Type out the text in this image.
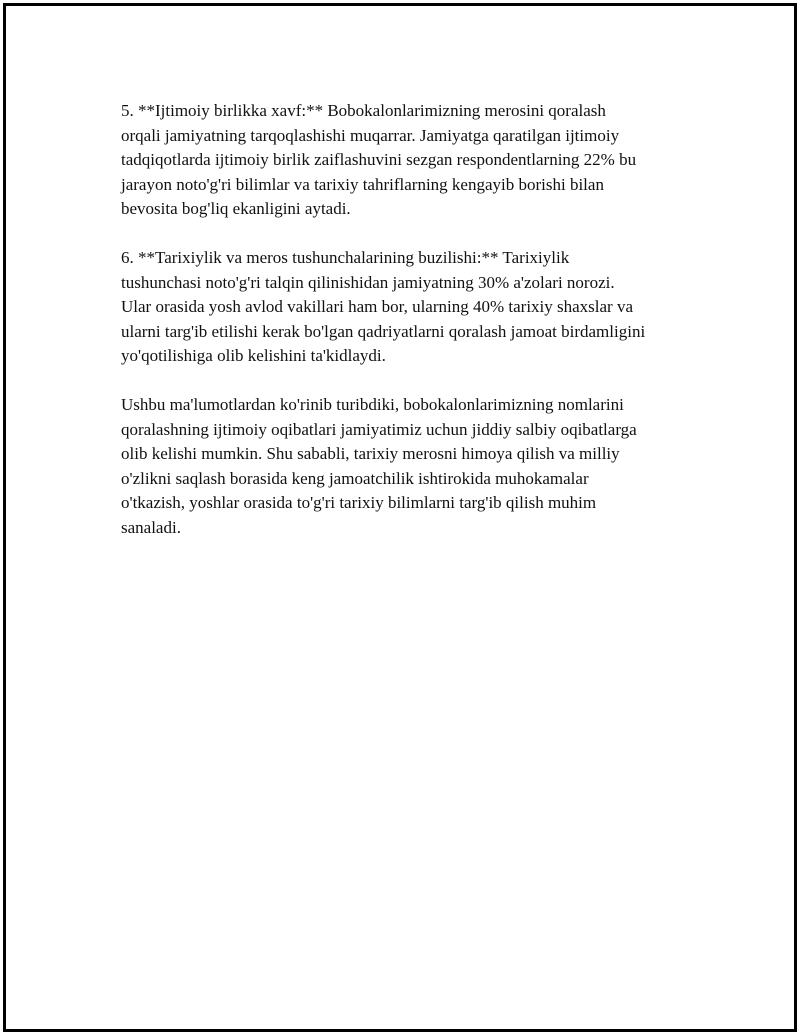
5. **Ijtimoiy birlikka xavf:** Bobokalonlarimizning merosini qoralash
orqali jamiyatning tarqoqlashishi muqarrar. Jamiyatga qaratilgan ijtimoiy
tadqiqotlarda ijtimoiy birlik zaiflashuvini sezgan respondentlarning 22% bu
jarayon noto'g'ri bilimlar va tarixiy tahriflarning kengayib borishi bilan
bevosita bog'liq ekanligini aytadi.

6. **Tarixiylik va meros tushunchalarining buzilishi:** Tarixiylik
tushunchasi noto'g'ri talqin qilinishidan jamiyatning 30% a'zolari norozi.
Ular orasida yosh avlod vakillari ham bor, ularning 40% tarixiy shaxslar va
ularni targ'ib etilishi kerak bo'lgan qadriyatlarni qoralash jamoat birdamligini
yo'qotilishiga olib kelishini ta'kidlaydi.

Ushbu ma'lumotlardan ko'rinib turibdiki, bobokalonlarimizning nomlarini
qoralashning ijtimoiy oqibatlari jamiyatimiz uchun jiddiy salbiy oqibatlarga
olib kelishi mumkin. Shu sababli, tarixiy merosni himoya qilish va milliy
o'zlikni saqlash borasida keng jamoatchilik ishtirokida muhokamalar
o'tkazish, yoshlar orasida to'g'ri tarixiy bilimlarni targ'ib qilish muhim
sanaladi.
